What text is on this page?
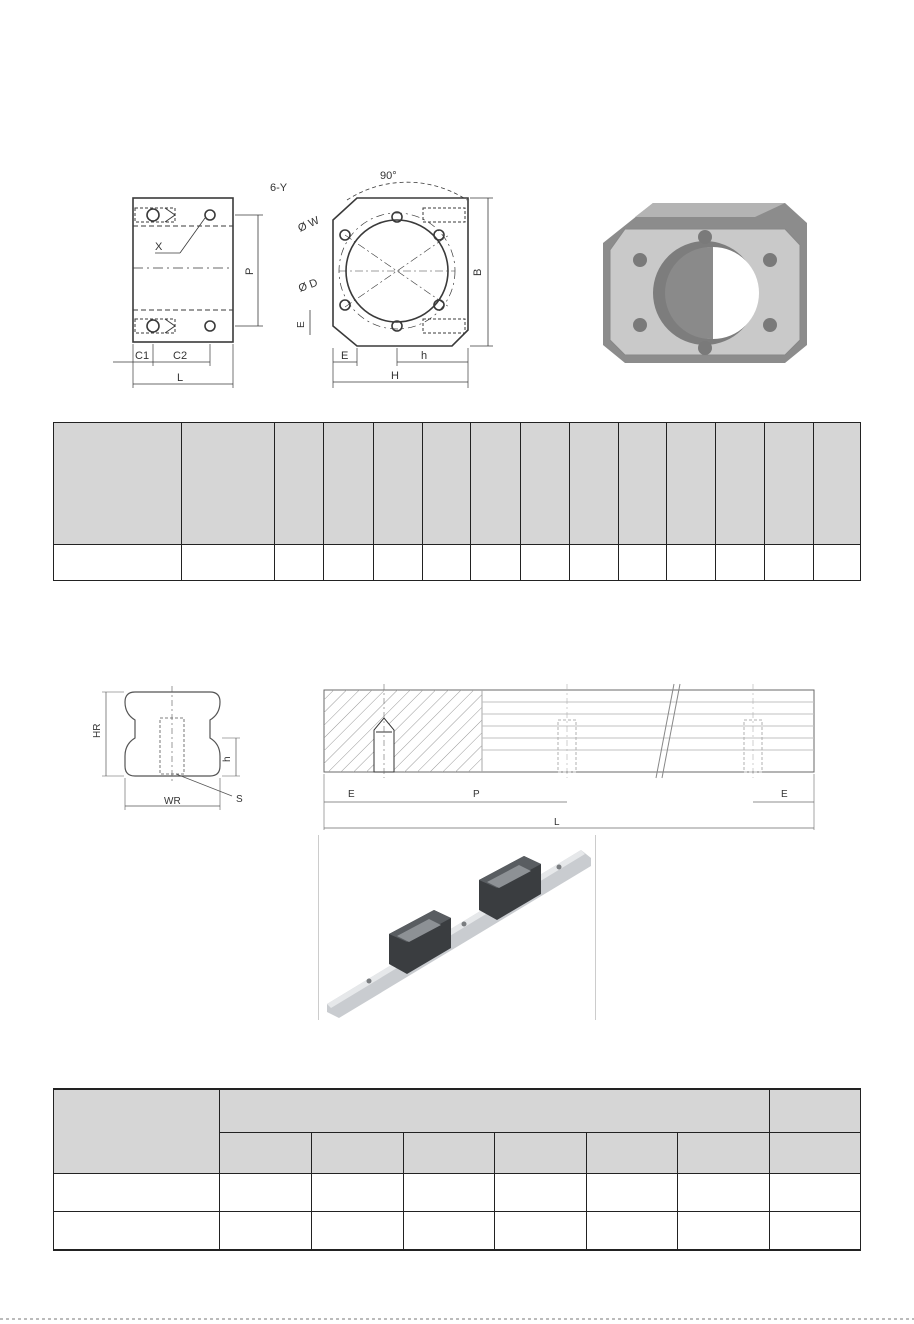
X
P
C1 C2
L
6-Y
90°
Ø W
Ø D
B
E
E	h
H

HR
h
WR	S	E	P	E
L
